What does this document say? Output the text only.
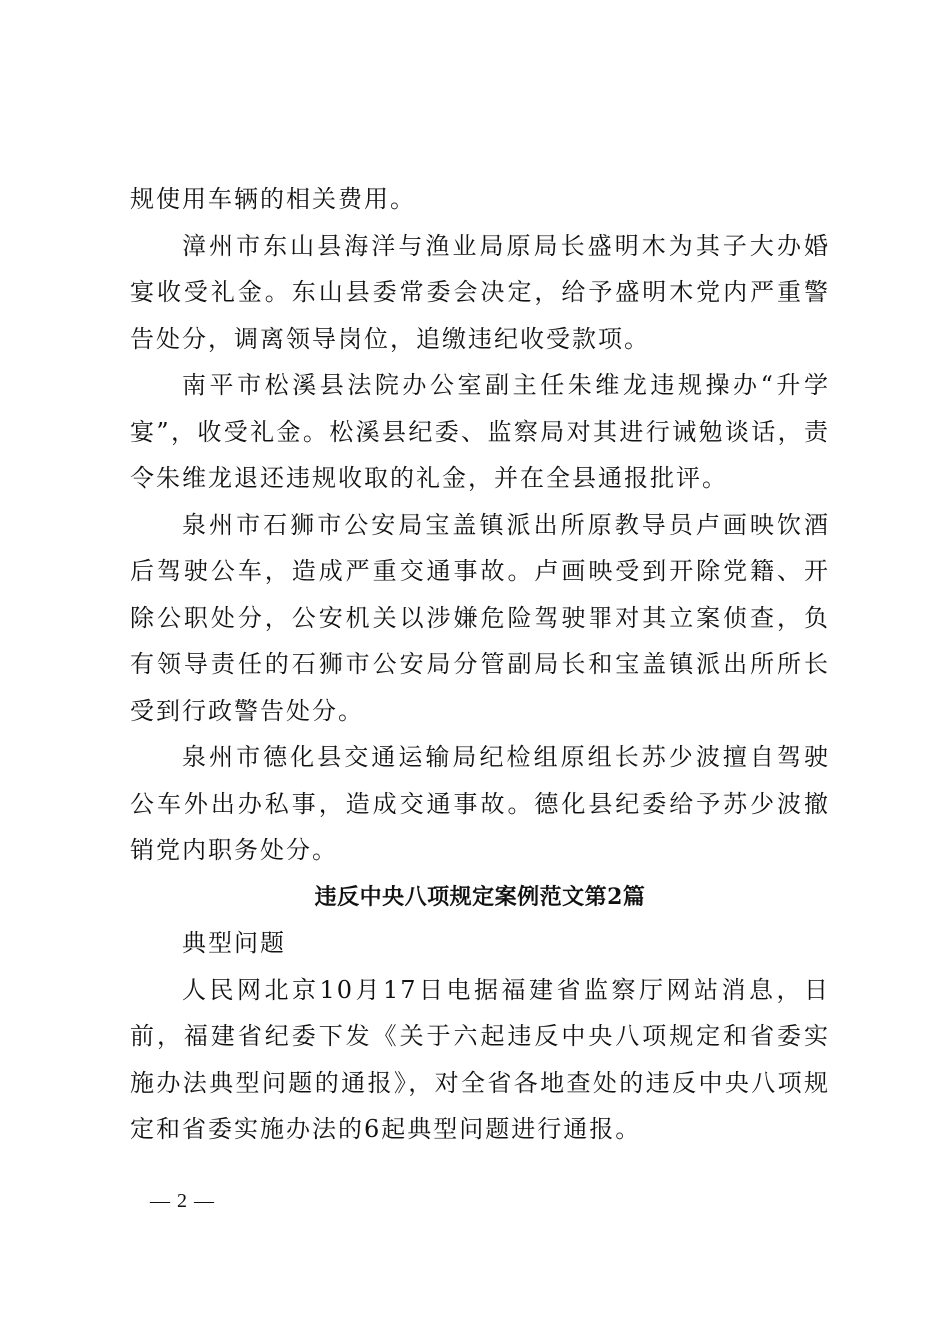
规使用车辆的相关费用。

漳州市东山县海洋与渔业局原局长盛明木为其子大办婚宴收受礼金。东山县委常委会决定，给予盛明木党内严重警告处分，调离领导岗位，追缴违纪收受款项。

南平市松溪县法院办公室副主任朱维龙违规操办“升学宴”，收受礼金。松溪县纪委、监察局对其进行诫勉谈话，责令朱维龙退还违规收取的礼金，并在全县通报批评。

泉州市石狮市公安局宝盖镇派出所原教导员卢画映饮酒后驾驶公车，造成严重交通事故。卢画映受到开除党籍、开除公职处分，公安机关以涉嫌危险驾驶罪对其立案侦查，负有领导责任的石狮市公安局分管副局长和宝盖镇派出所所长受到行政警告处分。

泉州市德化县交通运输局纪检组原组长苏少波擅自驾驶公车外出办私事，造成交通事故。德化县纪委给予苏少波撤销党内职务处分。

违反中央八项规定案例范文第2篇

典型问题

人民网北京10月17日电据福建省监察厅网站消息，日前，福建省纪委下发《关于六起违反中央八项规定和省委实施办法典型问题的通报》，对全省各地查处的违反中央八项规定和省委实施办法的6起典型问题进行通报。

— 2 —
